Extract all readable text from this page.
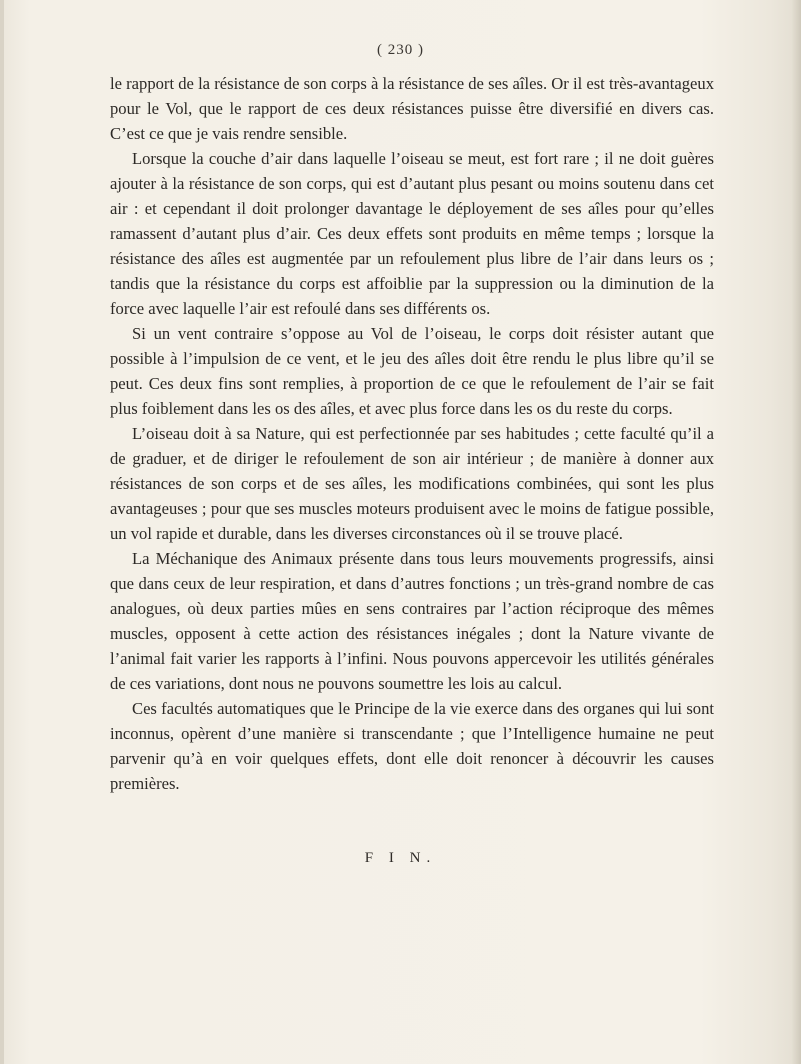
( 230 )

le rapport de la résistance de son corps à la résistance de ses aîles. Or il est très-avantageux pour le Vol, que le rapport de ces deux résistances puisse être diversifié en divers cas. C’est ce que je vais rendre sensible.

Lorsque la couche d’air dans laquelle l’oiseau se meut, est fort rare ; il ne doit guères ajouter à la résistance de son corps, qui est d’autant plus pesant ou moins soutenu dans cet air : et cependant il doit prolonger davantage le déployement de ses aîles pour qu’elles ramassent d’autant plus d’air. Ces deux effets sont produits en même temps ; lorsque la résistance des aîles est augmentée par un refoulement plus libre de l’air dans leurs os ; tandis que la résistance du corps est affoiblie par la suppression ou la diminution de la force avec laquelle l’air est refoulé dans ses différents os.

Si un vent contraire s’oppose au Vol de l’oiseau, le corps doit résister autant que possible à l’impulsion de ce vent, et le jeu des aîles doit être rendu le plus libre qu’il se peut. Ces deux fins sont remplies, à proportion de ce que le refoulement de l’air se fait plus foiblement dans les os des aîles, et avec plus force dans les os du reste du corps.

L’oiseau doit à sa Nature, qui est perfectionnée par ses habitudes ; cette faculté qu’il a de graduer, et de diriger le refoulement de son air intérieur ; de manière à donner aux résistances de son corps et de ses aîles, les modifications combinées, qui sont les plus avantageuses ; pour que ses muscles moteurs produisent avec le moins de fatigue possible, un vol rapide et durable, dans les diverses circonstances où il se trouve placé.

La Méchanique des Animaux présente dans tous leurs mouvements progressifs, ainsi que dans ceux de leur respiration, et dans d’autres fonctions ; un très-grand nombre de cas analogues, où deux parties mûes en sens contraires par l’action réciproque des mêmes muscles, opposent à cette action des résistances inégales ; dont la Nature vivante de l’animal fait varier les rapports à l’infini. Nous pouvons appercevoir les utilités générales de ces variations, dont nous ne pouvons soumettre les lois au calcul.

Ces facultés automatiques que le Principe de la vie exerce dans des organes qui lui sont inconnus, opèrent d’une manière si transcendante ; que l’Intelligence humaine ne peut parvenir qu’à en voir quelques effets, dont elle doit renoncer à découvrir les causes premières.

F I N.
